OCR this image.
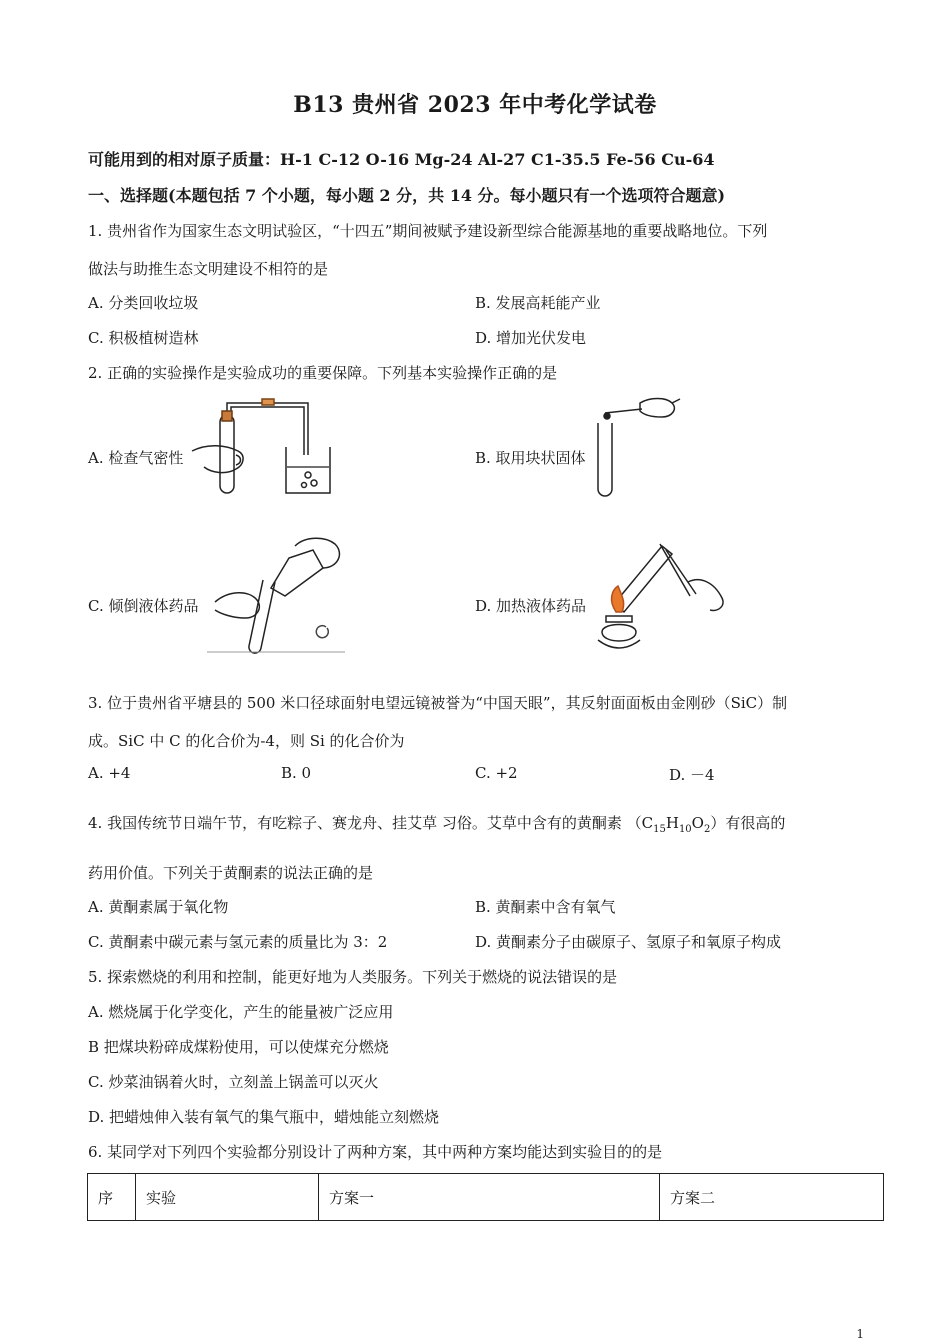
B13 贵州省 2023 年中考化学试卷
可能用到的相对原子质量：H-1 C-12 O-16 Mg-24 Al-27 C1-35.5 Fe-56 Cu-64
一、选择题(本题包括 7 个小题，每小题 2 分，共 14 分。每小题只有一个选项符合题意)
1. 贵州省作为国家生态文明试验区，“十四五”期间被赋予建设新型综合能源基地的重要战略地位。下列
做法与助推生态文明建设不相符的是
A. 分类回收垃圾	B. 发展高耗能产业
C. 积极植树造林	D. 增加光伏发电
2. 正确的实验操作是实验成功的重要保障。下列基本实验操作正确的是
A. 检查气密性	B. 取用块状固体
C. 倾倒液体药品	D. 加热液体药品
3. 位于贵州省平塘县的 500 米口径球面射电望远镜被誉为“中国天眼”，其反射面面板由金刚砂（SiC）制
成。SiC 中 C 的化合价为-4，则 Si 的化合价为
A. +4	B. 0	C. +2	D. －4
4. 我国传统节日端午节，有吃粽子、赛龙舟、挂艾草 习俗。艾草中含有的黄酮素 $(C_{15}H_{10}O_2)$有很高的
药用价值。下列关于黄酮素的说法正确的是
A. 黄酮素属于氧化物	B. 黄酮素中含有氧气
C. 黄酮素中碳元素与氢元素的质量比为 3：2	D. 黄酮素分子由碳原子、氢原子和氧原子构成
5. 探索燃烧的利用和控制，能更好地为人类服务。下列关于燃烧的说法错误的是
A. 燃烧属于化学变化，产生的能量被广泛应用
B 把煤块粉碎成煤粉使用，可以使煤充分燃烧
C. 炒菜油锅着火时，立刻盖上锅盖可以灭火
D. 把蜡烛伸入装有氧气的集气瓶中，蜡烛能立刻燃烧
6. 某同学对下列四个实验都分别设计了两种方案，其中两种方案均能达到实验目的的是
序	实验	方案一	方案二
1
